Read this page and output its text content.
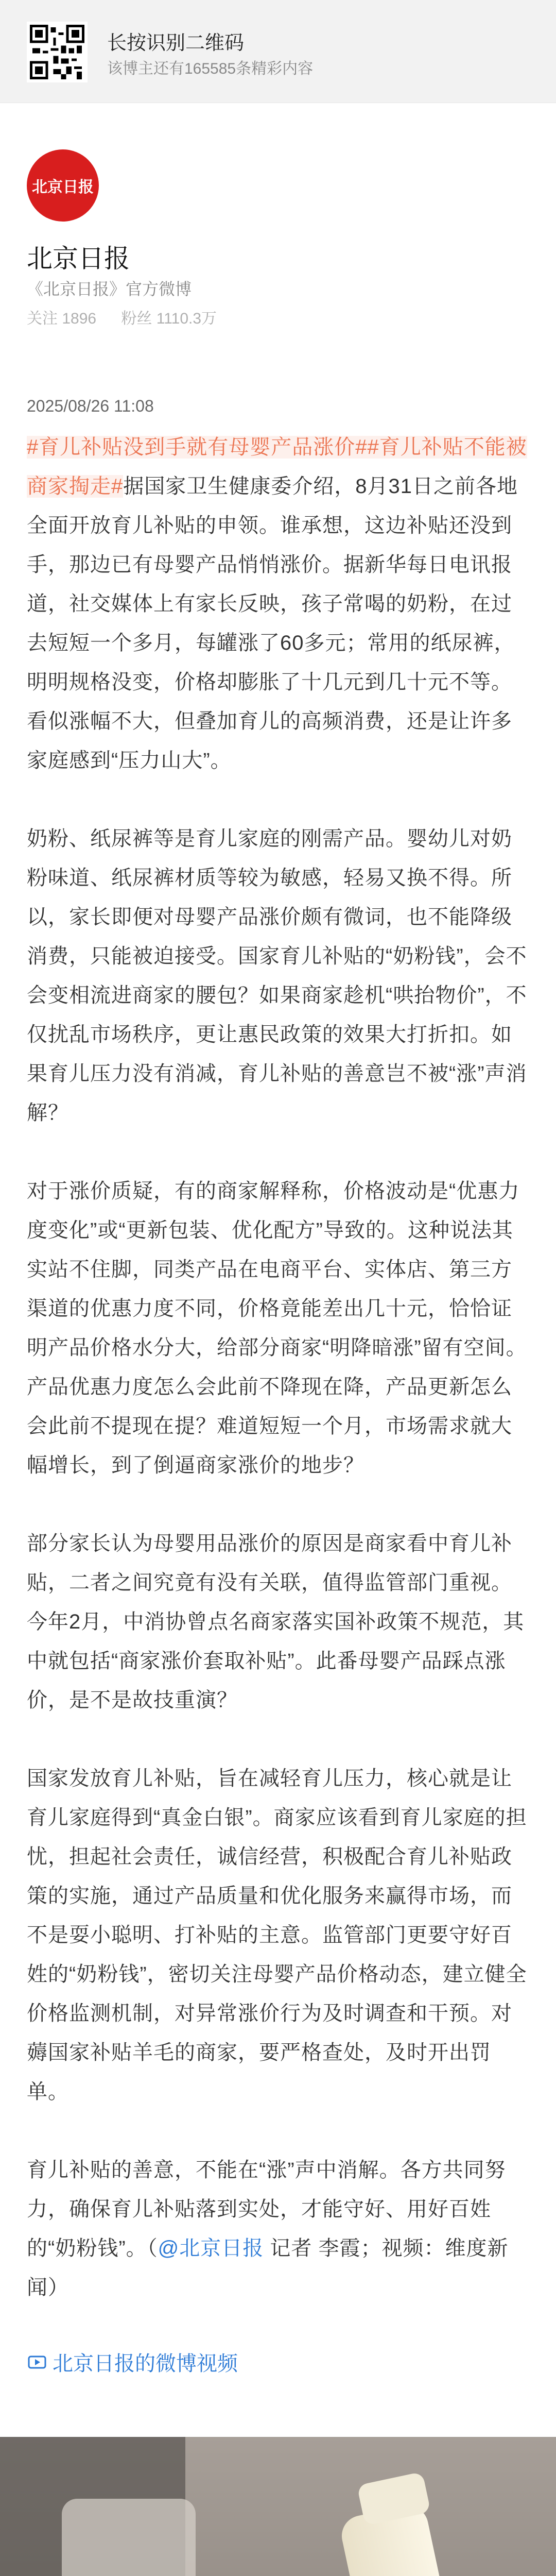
长按识别二维码
该博主还有165585条精彩内容
北京日报
北京日报
《北京日报》官方微博
关注 1896 粉丝 1110.3万
2025/08/26 11:08

#育儿补贴没到手就有母婴产品涨价##育儿补贴不能被商家掏走#据国家卫生健康委介绍，8月31日之前各地全面开放育儿补贴的申领。谁承想，这边补贴还没到手，那边已有母婴产品悄悄涨价。据新华每日电讯报道，社交媒体上有家长反映，孩子常喝的奶粉，在过去短短一个多月，每罐涨了60多元；常用的纸尿裤，明明规格没变，价格却膨胀了十几元到几十元不等。看似涨幅不大，但叠加育儿的高频消费，还是让许多家庭感到“压力山大”。

奶粉、纸尿裤等是育儿家庭的刚需产品。婴幼儿对奶粉味道、纸尿裤材质等较为敏感，轻易又换不得。所以，家长即便对母婴产品涨价颇有微词，也不能降级消费，只能被迫接受。国家育儿补贴的“奶粉钱”，会不会变相流进商家的腰包？如果商家趁机“哄抬物价”，不仅扰乱市场秩序，更让惠民政策的效果大打折扣。如果育儿压力没有消减，育儿补贴的善意岂不被“涨”声消解？

对于涨价质疑，有的商家解释称，价格波动是“优惠力度变化”或“更新包装、优化配方”导致的。这种说法其实站不住脚，同类产品在电商平台、实体店、第三方渠道的优惠力度不同，价格竟能差出几十元，恰恰证明产品价格水分大，给部分商家“明降暗涨”留有空间。产品优惠力度怎么会此前不降现在降，产品更新怎么会此前不提现在提？难道短短一个月，市场需求就大幅增长，到了倒逼商家涨价的地步？

部分家长认为母婴用品涨价的原因是商家看中育儿补贴，二者之间究竟有没有关联，值得监管部门重视。今年2月，中消协曾点名商家落实国补政策不规范，其中就包括“商家涨价套取补贴”。此番母婴产品踩点涨价，是不是故技重演？

国家发放育儿补贴，旨在减轻育儿压力，核心就是让育儿家庭得到“真金白银”。商家应该看到育儿家庭的担忧，担起社会责任，诚信经营，积极配合育儿补贴政策的实施，通过产品质量和优化服务来赢得市场，而不是耍小聪明、打补贴的主意。监管部门更要守好百姓的“奶粉钱”，密切关注母婴产品价格动态，建立健全价格监测机制，对异常涨价行为及时调查和干预。对薅国家补贴羊毛的商家，要严格查处，及时开出罚单。

育儿补贴的善意，不能在“涨”声中消解。各方共同努力，确保育儿补贴落到实处，才能守好、用好百姓的“奶粉钱”。（@北京日报 记者 李霞；视频：维度新闻）

北京日报的微博视频
